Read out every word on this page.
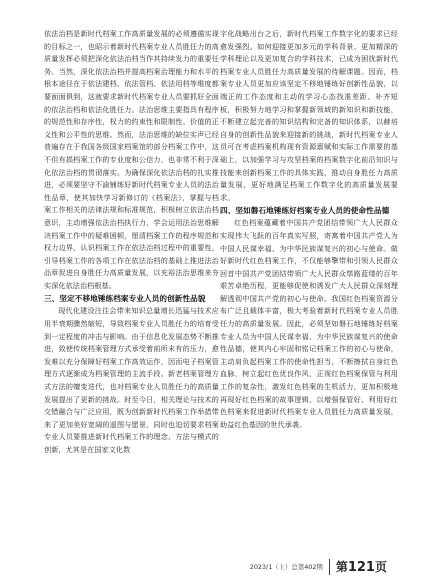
依法治档是新时代档案工作高质量发展的必须遵循实现的目标之一，也昭示着新时代档案专业人员胜任力的高质量发挥必须把深化依法治档当作其持续发力的重要任务。当然，深化依法治档并提高档案治理能力和水平的根本途径在于依法建档、依法管档、依法用档等维度都要面面俱到，这就要求新时代档案专业人员要抓好全面的依法治档和依法化胜任力。法治思维主要指具有程序的规范性和存序性，权力的约束性和限制性、价值的正义性和公平性的思维。然而，法治思维的缺位实声已经普遍存在于我国各级国家档案馆的部分档案工作中，这不但有损档案工作的专业度和公信力，也非常不利于深化依法治档的贯彻落实。为确保深化依法治档的扎实推进，必须要坚守不渝铺练好新时代档案专业人员的法治性品章，使其加快学习新修订的《档案法》，掌握与档案工作相关的法律法规和标准规范，积极树立依法治档意识，主动增强依法治档执行力，学会运用法治思维解决档案工作中的疑难困顿，厘清档案工作的程序规范和权力边界，认识档案工作在依法治档过程中的重要性，引导档案工作的各项工作在依法治档的基础上推进法治品章促进自身胜任力高质量发展，以充裕法治思维来夯实深化依法治档根基。

三、坚定不移地锤练档案专业人员的创新性品貌

现代化建设注往会带来知识总量增长迅猛与技术应用半衰期骤然缩短，导致档案专业人员胜任力的培育受到一定程度的冲击与影响。由于信息化发展态势不断推进，致使传统档案管理方式承受着前所未有的压力，愈发难以充分保障好档案工作高效运作，因而电子档案管理方式逐渐成为档案管理的主流手段。新老档案管理方式方法的嬗变迭代，也对档案专业人员胜任力的高质量发展提出了更新的挑战。时至今日，相关理论与技术的交错融合与广泛应用，既为创新新时代档案工作举措带来了更加美好宽阔的遥图与愿景，同时也迫切要求档案专业人员要推进新时代档案工作的理念、方法与模式的创新，尤其是在国家文化数

字化战略出台之后，新时代档案工作数字化的要求已经愈发强烈。如何迎接更加多元的学科背景、更加精深的学科理论以及更加复合的学科技术，已成为困扰新时代档案专业人员胜任力高质量发展的待解课题。因而，档案专业人员更加应该坚定不移地锤练好创新性品貌，以端正的工作态度和主动的学习心态找准差距、补齐短板，积极努力地学习和掌握新领域的新知识和新技能，不断建立起完善的知识结构和完备的知识体系，以赫培自身的创新性品貌来迎接新的挑战，新时代档案专业人员可在考虑档案机构现有资源禀赋和实际工作需要的基础上，以加强学习与攻坚档案的档案数字化前沿知识与技能来创新档案工作的具体实践，推动自身胜任力高质量发展，更好地满足档案工作数字化的高质量发展要求。

四、坚如磐石地锤练好档案专业人员的使命性品德

红色档案蕴藏着中国共产党团结带领广大人民群众实现伟大飞跃的百年真实写照，寄寓着中国共产党人为中国人民谋幸福、为中华民族谋复兴的初心与使命。做好新时代红色档案工作，不仅能够擎带和引领人民群众回首中国共产党团结带领广大人民群众筚路蓝缕的百年艰苦卓绝历程，更能够促使和诱发广大人民群众深刻理解透彻中国共产党的初心与使命。我国红色档案资源分布广泛且载体丰富，极大考验着新时代档案专业人员胜任力的高质量发展。因此，必须坚如磐石地锤练好档案专业人员为中国人民谋幸福、为中华民族谋复兴的使命性品德，使其内心牢固和铭记档案工作的初心与使命，主动肩负起档案工作的使命性担当，不断擦拭自身红色血脉，树立起红色优良作风，正视红色档案保管与利用工作的复杂性，激发红色档案的生机活力，更加积极地再现好红色档案的故事逻辑，以增强保管好、利用好红色档案来促进新时代档案专业人员胜任力高质量发展，助益红色基因的世代承袭。

2023/1（上）总第402期 第121页
